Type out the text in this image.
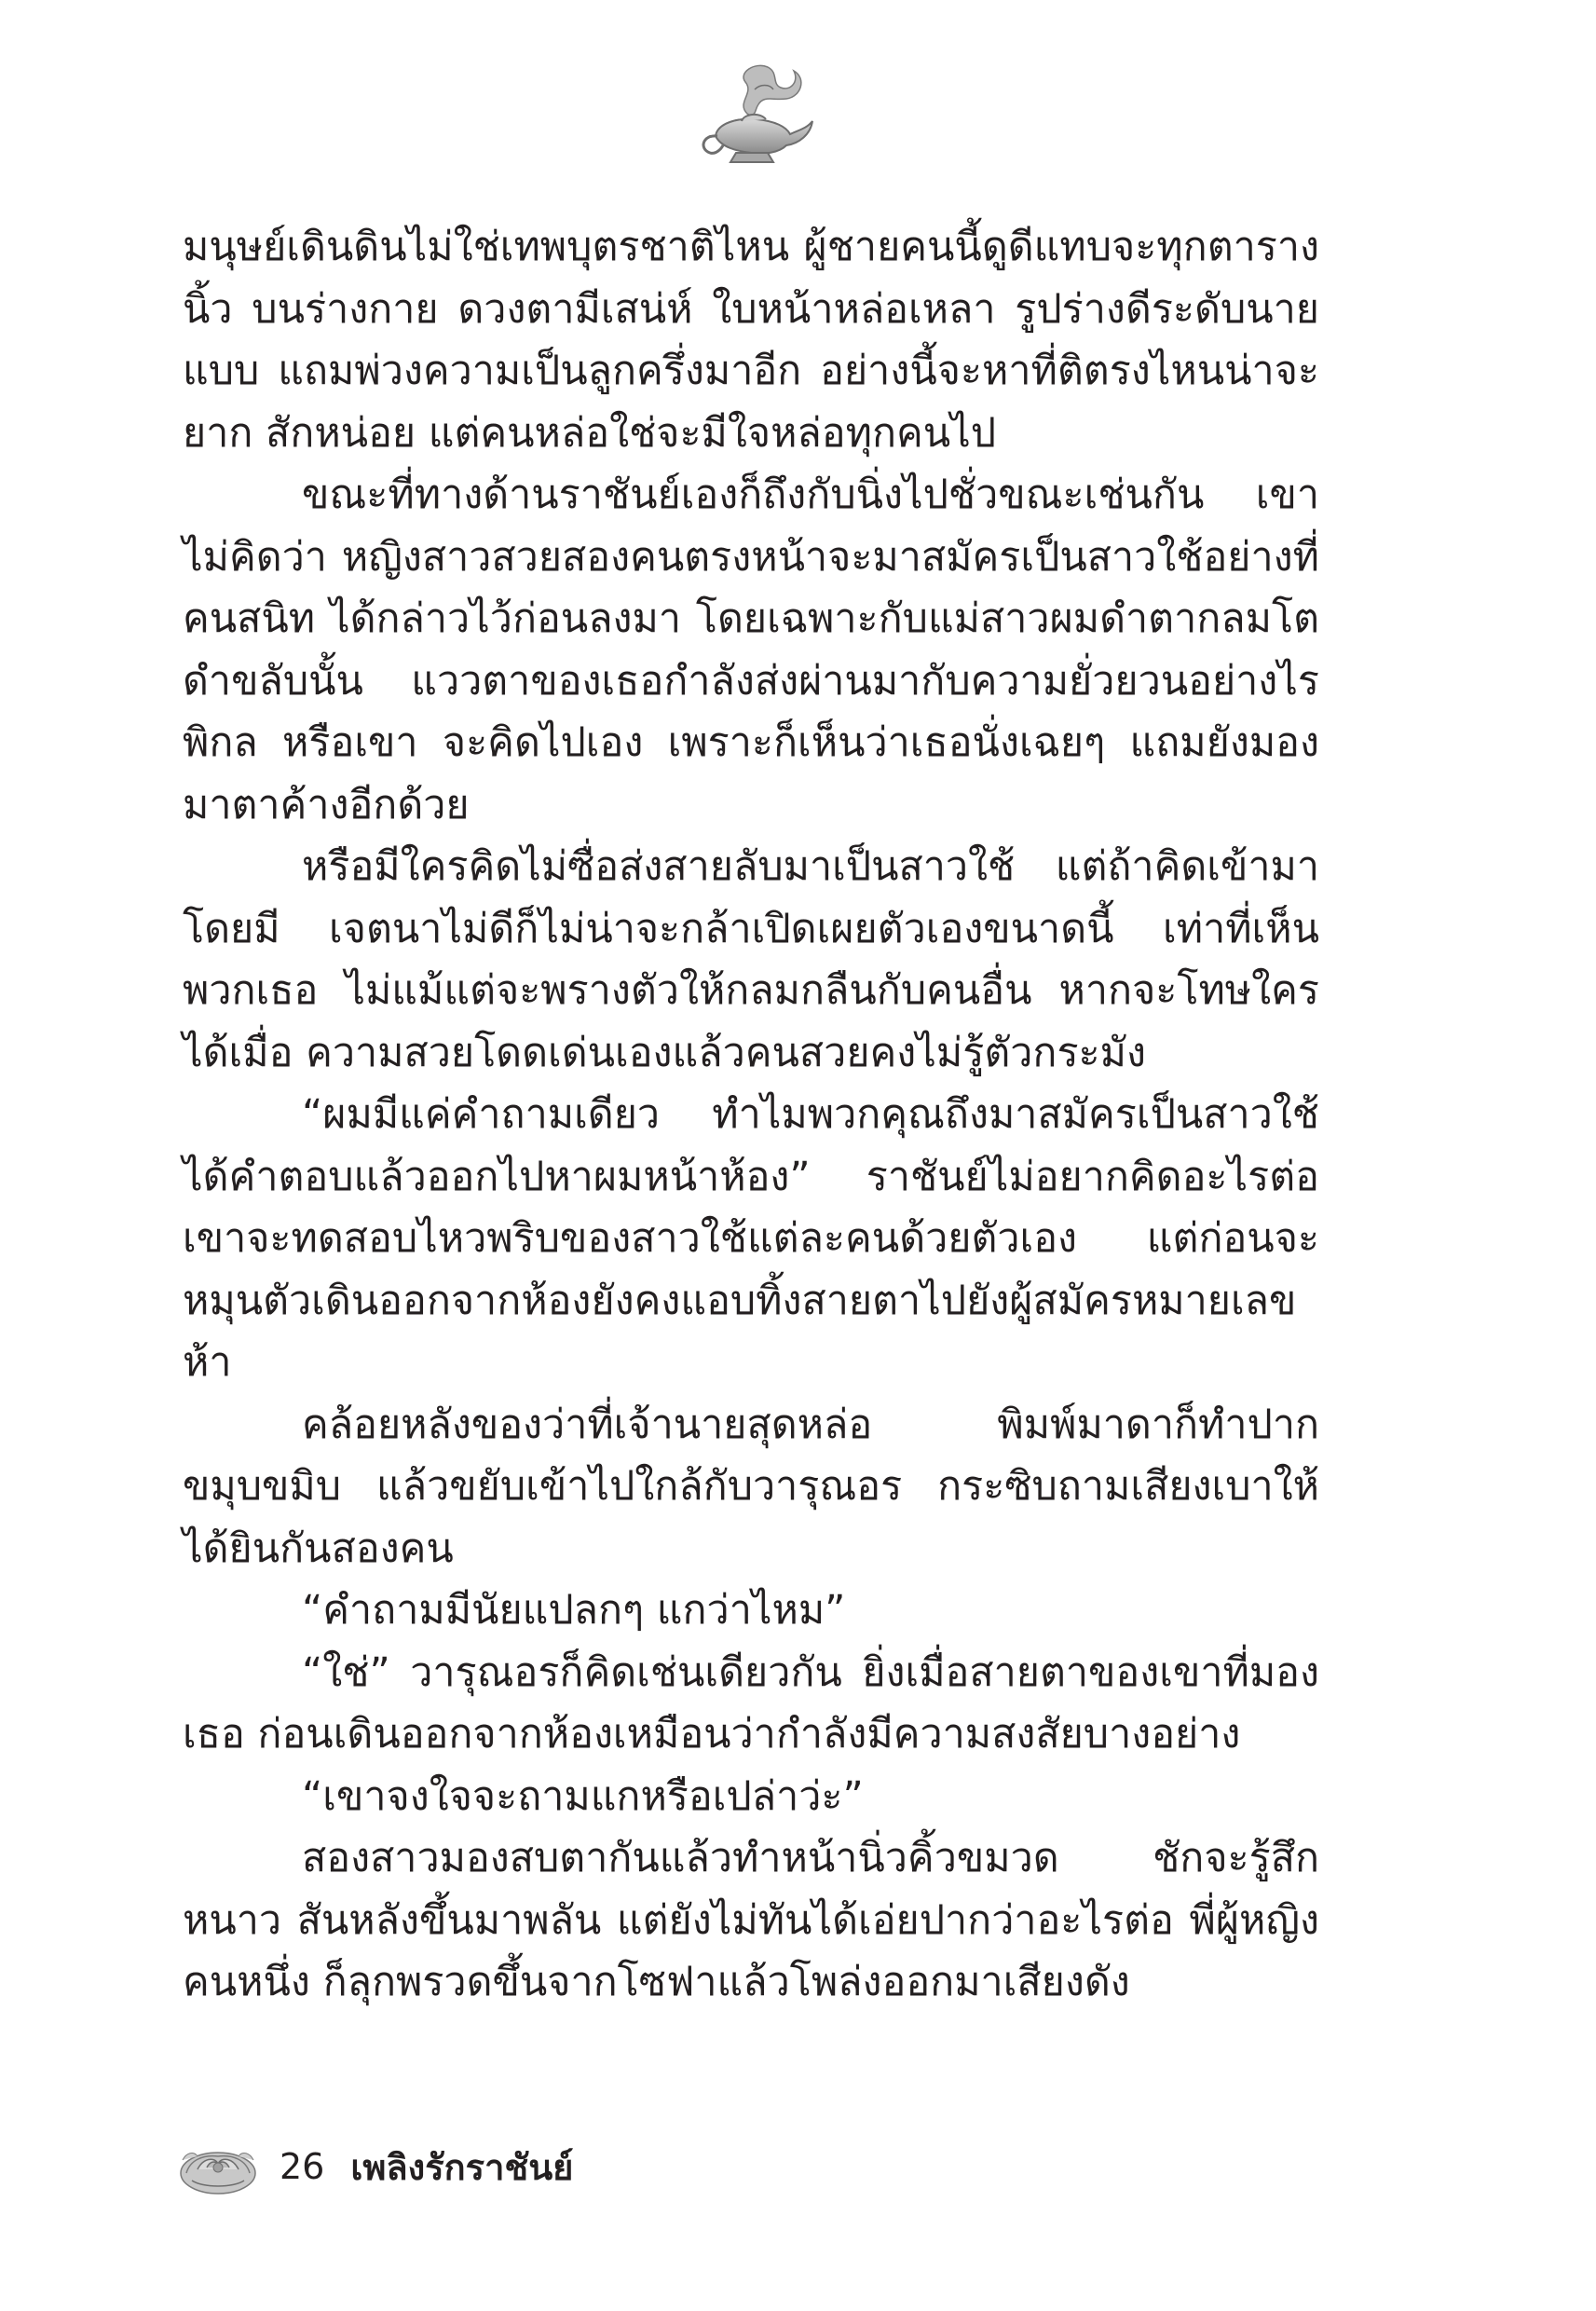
มนุษย์เดินดินไม่ใช่เทพบุตรชาติไหน ผู้ชายคนนี้ดูดีแทบจะทุกตารางนิ้ว บนร่างกาย ดวงตามีเสน่ห์ ใบหน้าหล่อเหลา รูปร่างดีระดับนายแบบ แถมพ่วงความเป็นลูกครึ่งมาอีก อย่างนี้จะหาที่ติตรงไหนน่าจะยาก สักหน่อย แต่คนหล่อใช่จะมีใจหล่อทุกคนไป

ขณะที่ทางด้านราชันย์เองก็ถึงกับนิ่งไปชั่วขณะเช่นกัน เขาไม่คิดว่า หญิงสาวสวยสองคนตรงหน้าจะมาสมัครเป็นสาวใช้อย่างที่คนสนิท ได้กล่าวไว้ก่อนลงมา โดยเฉพาะกับแม่สาวผมดำตากลมโตดำขลับนั้น แววตาของเธอกำลังส่งผ่านมากับความยั่วยวนอย่างไรพิกล หรือเขา จะคิดไปเอง เพราะก็เห็นว่าเธอนั่งเฉยๆ แถมยังมองมาตาค้างอีกด้วย

หรือมีใครคิดไม่ซื่อส่งสายลับมาเป็นสาวใช้ แต่ถ้าคิดเข้ามาโดยมี เจตนาไม่ดีก็ไม่น่าจะกล้าเปิดเผยตัวเองขนาดนี้ เท่าที่เห็นพวกเธอ ไม่แม้แต่จะพรางตัวให้กลมกลืนกับคนอื่น หากจะโทษใครได้เมื่อ ความสวยโดดเด่นเองแล้วคนสวยคงไม่รู้ตัวกระมัง

“ผมมีแค่คำถามเดียว ทำไมพวกคุณถึงมาสมัครเป็นสาวใช้ ได้คำตอบแล้วออกไปหาผมหน้าห้อง” ราชันย์ไม่อยากคิดอะไรต่อ เขาจะทดสอบไหวพริบของสาวใช้แต่ละคนด้วยตัวเอง แต่ก่อนจะ หมุนตัวเดินออกจากห้องยังคงแอบทิ้งสายตาไปยังผู้สมัครหมายเลขห้า

คล้อยหลังของว่าที่เจ้านายสุดหล่อ พิมพ์มาดาก็ทำปากขมุบขมิบ แล้วขยับเข้าไปใกล้กับวารุณอร กระซิบถามเสียงเบาให้ได้ยินกันสองคน

“คำถามมีนัยแปลกๆ แกว่าไหม”

“ใช่” วารุณอรก็คิดเช่นเดียวกัน ยิ่งเมื่อสายตาของเขาที่มองเธอ ก่อนเดินออกจากห้องเหมือนว่ากำลังมีความสงสัยบางอย่าง

“เขาจงใจจะถามแกหรือเปล่าว่ะ”

สองสาวมองสบตากันแล้วทำหน้านิ่วคิ้วขมวด ชักจะรู้สึกหนาว สันหลังขึ้นมาพลัน แต่ยังไม่ทันได้เอ่ยปากว่าอะไรต่อ พี่ผู้หญิงคนหนึ่ง ก็ลุกพรวดขึ้นจากโซฟาแล้วโพล่งออกมาเสียงดัง

26 เพลิงรักราชันย์
